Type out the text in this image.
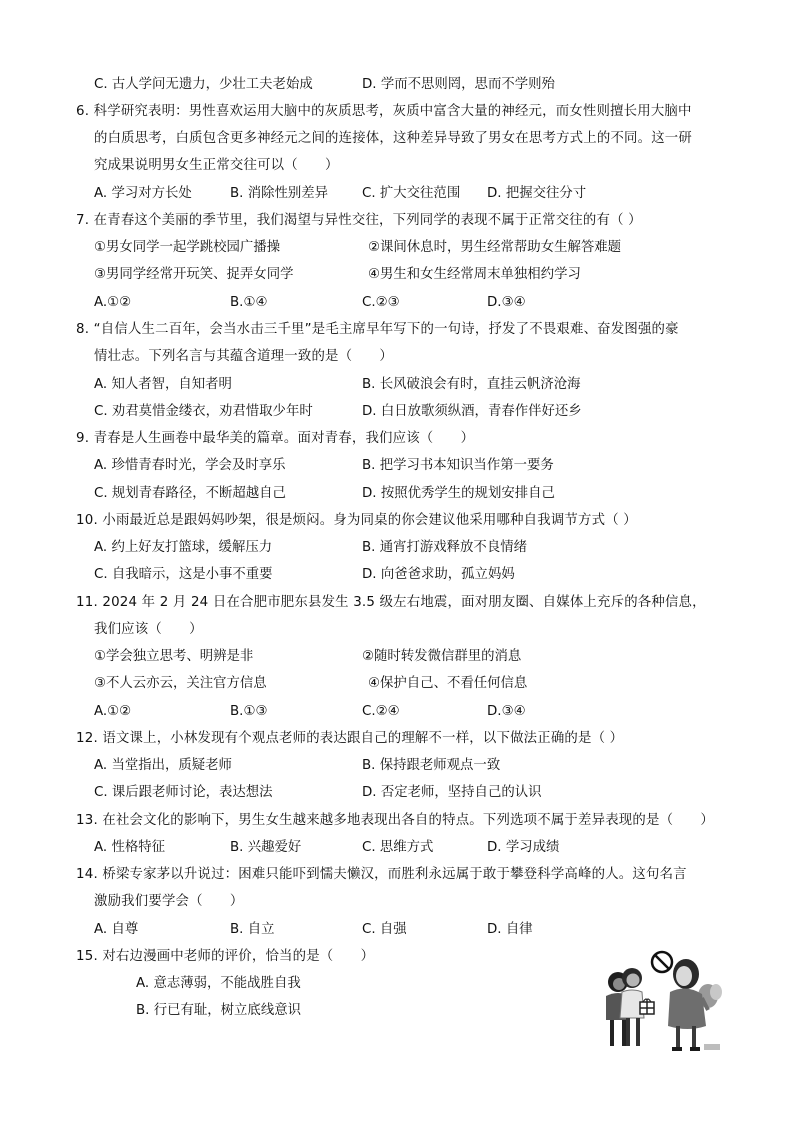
C. 古人学问无遗力，少壮工夫老始成	D. 学而不思则罔，思而不学则殆
6. 科学研究表明：男性喜欢运用大脑中的灰质思考，灰质中富含大量的神经元，而女性则擅长用大脑中
的白质思考，白质包含更多神经元之间的连接体，这种差异导致了男女在思考方式上的不同。这一研
究成果说明男女生正常交往可以（　　）
A. 学习对方长处	B. 消除性别差异	C. 扩大交往范围 D. 把握交往分寸
7. 在青春这个美丽的季节里，我们渴望与异性交往，下列同学的表现不属于正常交往的有（ ）
①男女同学一起学跳校园广播操	②课间休息时，男生经常帮助女生解答难题
③男同学经常开玩笑、捉弄女同学	④男生和女生经常周末单独相约学习
A.①②	B.①④	C.②③	D.③④
8. “自信人生二百年，会当水击三千里”是毛主席早年写下的一句诗，抒发了不畏艰难、奋发图强的豪
情壮志。下列名言与其蕴含道理一致的是（　　）
A. 知人者智，自知者明	B. 长风破浪会有时，直挂云帆济沧海
C. 劝君莫惜金缕衣，劝君惜取少年时	D. 白日放歌须纵酒，青春作伴好还乡
9. 青春是人生画卷中最华美的篇章。面对青春，我们应该（　　）
A. 珍惜青春时光，学会及时享乐	B. 把学习书本知识当作第一要务
C. 规划青春路径，不断超越自己	D. 按照优秀学生的规划安排自己
10. 小雨最近总是跟妈妈吵架，很是烦闷。身为同桌的你会建议他采用哪种自我调节方式（ ）
A. 约上好友打篮球，缓解压力	B. 通宵打游戏释放不良情绪
C. 自我暗示，这是小事不重要	D. 向爸爸求助，孤立妈妈
11. 2024 年 2 月 24 日在合肥市肥东县发生 3.5 级左右地震，面对朋友圈、自媒体上充斥的各种信息，
我们应该（　　）
①学会独立思考、明辨是非	②随时转发微信群里的消息
③不人云亦云，关注官方信息	④保护自己、不看任何信息
A.①②	B.①③	C.②④	D.③④
12. 语文课上，小林发现有个观点老师的表达跟自己的理解不一样，以下做法正确的是（ ）
A. 当堂指出，质疑老师	B. 保持跟老师观点一致
C. 课后跟老师讨论，表达想法	D. 否定老师，坚持自己的认识
13. 在社会文化的影响下，男生女生越来越多地表现出各自的特点。下列选项不属于差异表现的是（　　）
A. 性格特征	B. 兴趣爱好	C. 思维方式	D. 学习成绩
14. 桥梁专家茅以升说过：困难只能吓到懦夫懒汉，而胜利永远属于敢于攀登科学高峰的人。这句名言
激励我们要学会（　　）
A. 自尊	B. 自立	C. 自强	D. 自律
15. 对右边漫画中老师的评价，恰当的是（　　）
A. 意志薄弱，不能战胜自我
B. 行已有耻，树立底线意识
